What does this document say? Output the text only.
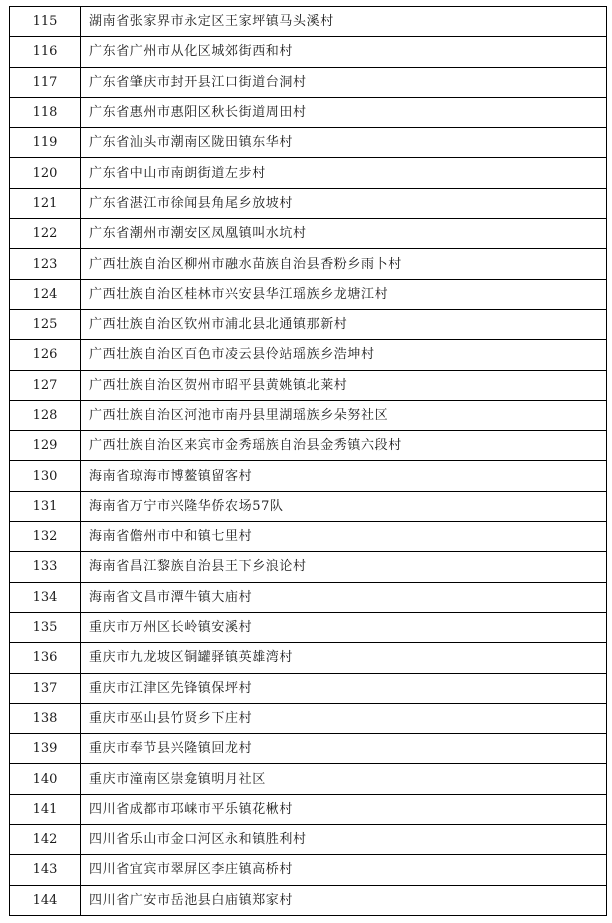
115	湖南省张家界市永定区王家坪镇马头溪村
116	广东省广州市从化区城郊街西和村
117	广东省肇庆市封开县江口街道台洞村
118	广东省惠州市惠阳区秋长街道周田村
119	广东省汕头市潮南区陇田镇东华村
120	广东省中山市南朗街道左步村
121	广东省湛江市徐闻县角尾乡放坡村
122	广东省潮州市潮安区凤凰镇叫水坑村
123	广西壮族自治区柳州市融水苗族自治县香粉乡雨卜村
124	广西壮族自治区桂林市兴安县华江瑶族乡龙塘江村
125	广西壮族自治区钦州市浦北县北通镇那新村
126	广西壮族自治区百色市凌云县伶站瑶族乡浩坤村
127	广西壮族自治区贺州市昭平县黄姚镇北莱村
128	广西壮族自治区河池市南丹县里湖瑶族乡朵努社区
129	广西壮族自治区来宾市金秀瑶族自治县金秀镇六段村
130	海南省琼海市博鳌镇留客村
131	海南省万宁市兴隆华侨农场57队
132	海南省儋州市中和镇七里村
133	海南省昌江黎族自治县王下乡浪论村
134	海南省文昌市潭牛镇大庙村
135	重庆市万州区长岭镇安溪村
136	重庆市九龙坡区铜罐驿镇英雄湾村
137	重庆市江津区先锋镇保坪村
138	重庆市巫山县竹贤乡下庄村
139	重庆市奉节县兴隆镇回龙村
140	重庆市潼南区崇龛镇明月社区
141	四川省成都市邛崃市平乐镇花楸村
142	四川省乐山市金口河区永和镇胜利村
143	四川省宜宾市翠屏区李庄镇高桥村
144	四川省广安市岳池县白庙镇郑家村
